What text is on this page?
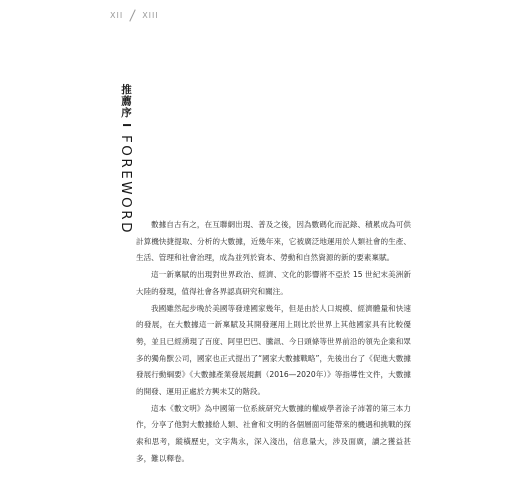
XII XIII
推薦序 I FOREWORD	數據自古有之，在互聯網出現、普及之後，因為數碼化而記錄、積累成為可供計算機快捷提取、分析的大數據，近幾年來，它被廣泛地運用於人類社會的生產、生活、管理和社會治理，成為並列於資本、勞動和自然資源的新的要素稟賦。

這一新稟賦的出現對世界政治、經濟、文化的影響將不亞於 15 世紀末美洲新大陸的發現，值得社會各界認真研究和關注。

我國雖然起步晚於美國等發達國家幾年，但是由於人口規模、經濟體量和快速的發展，在大數據這一新稟賦及其開發運用上則比於世界上其他國家具有比較優勢，並且已經湧現了百度、阿里巴巴、騰訊、今日頭條等世界前沿的領先企業和眾多的獨角獸公司，國家也正式提出了“國家大數據戰略”，先後出台了《促進大數據發展行動綱要》《大數據產業發展規劃（2016—2020年）》等指導性文件，大數據的開發、運用正處於方興未艾的階段。

這本《數文明》為中國第一位系統研究大數據的權威學者涂子沛著的第三本力作，分享了他對大數據給人類、社會和文明的各個層面可能帶來的機遇和挑戰的探索和思考，縱橫歷史，文字雋永，深入淺出，信息量大，涉及面廣，讀之獲益甚多，難以釋卷。
